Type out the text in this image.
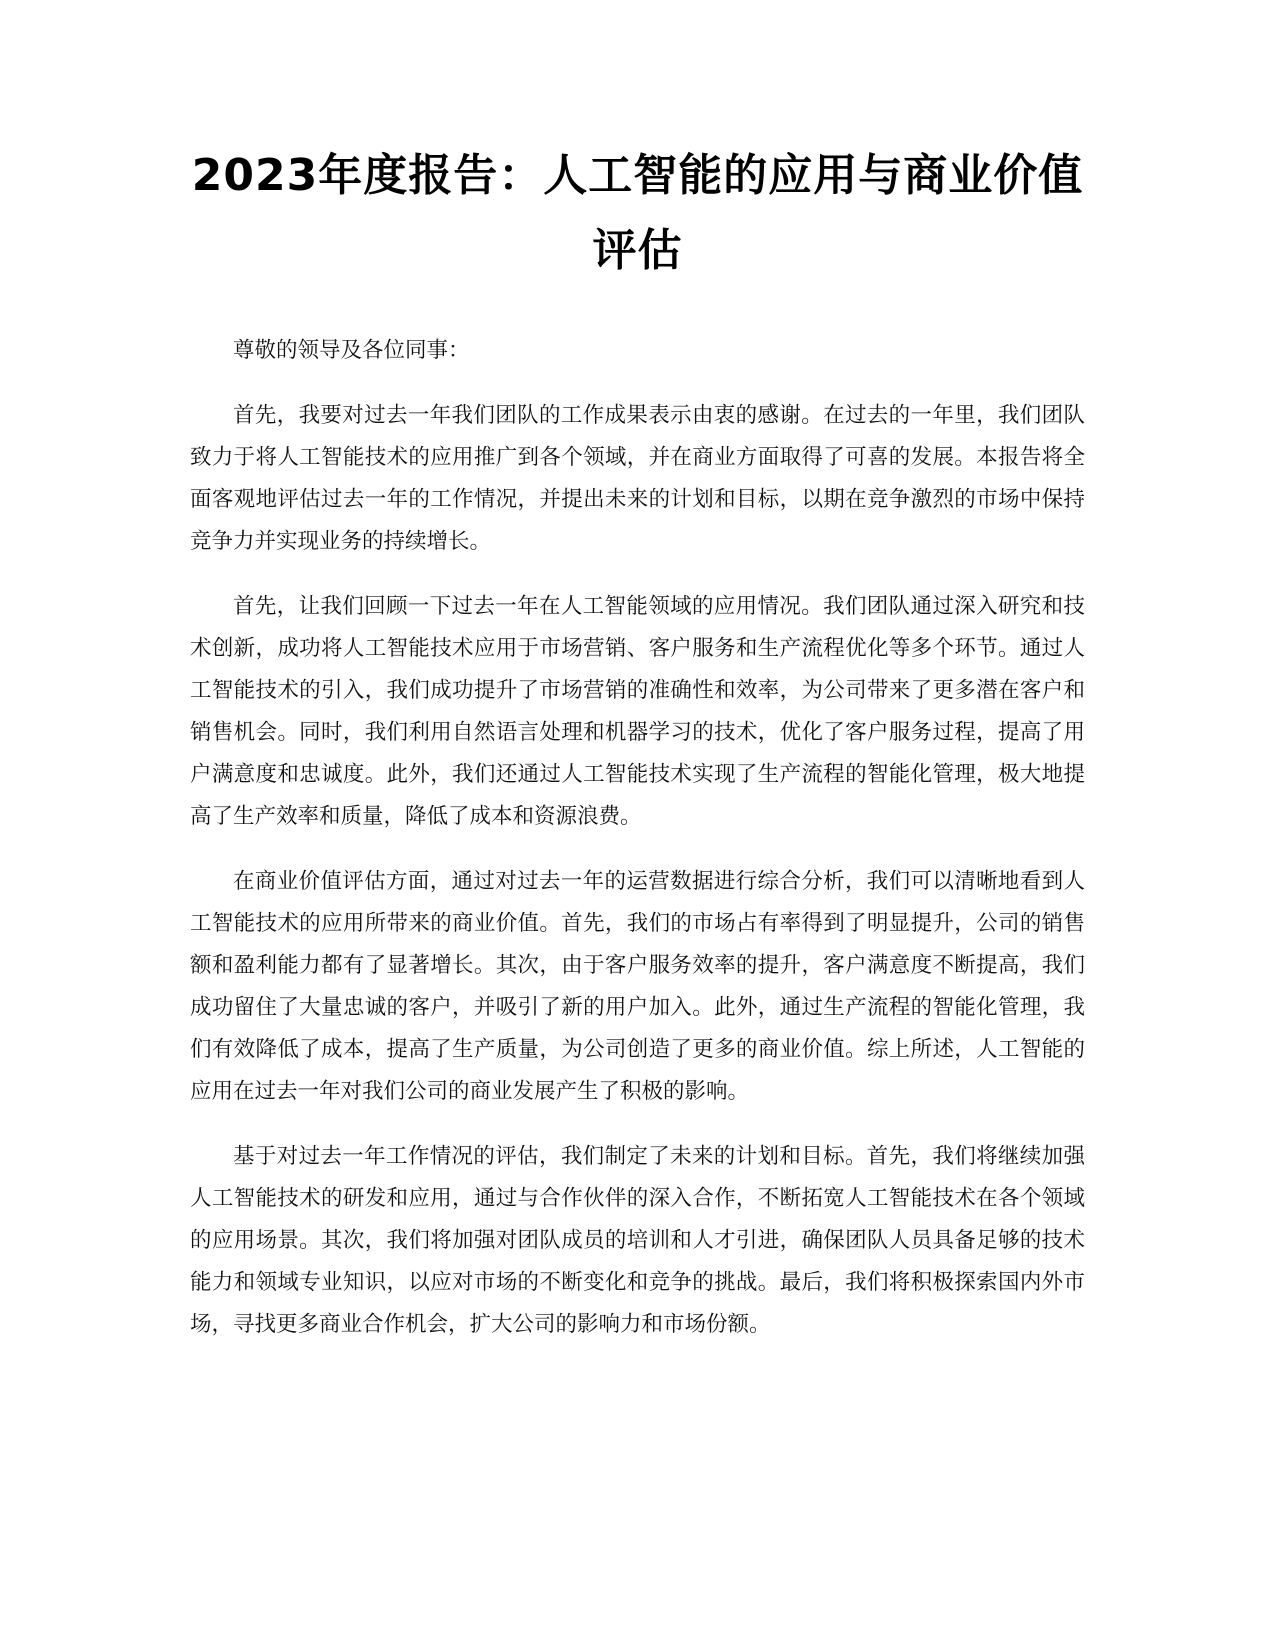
2023年度报告：人工智能的应用与商业价值评估

尊敬的领导及各位同事：

首先，我要对过去一年我们团队的工作成果表示由衷的感谢。在过去的一年里，我们团队致力于将人工智能技术的应用推广到各个领域，并在商业方面取得了可喜的发展。本报告将全面客观地评估过去一年的工作情况，并提出未来的计划和目标，以期在竞争激烈的市场中保持竞争力并实现业务的持续增长。

首先，让我们回顾一下过去一年在人工智能领域的应用情况。我们团队通过深入研究和技术创新，成功将人工智能技术应用于市场营销、客户服务和生产流程优化等多个环节。通过人工智能技术的引入，我们成功提升了市场营销的准确性和效率，为公司带来了更多潜在客户和销售机会。同时，我们利用自然语言处理和机器学习的技术，优化了客户服务过程，提高了用户满意度和忠诚度。此外，我们还通过人工智能技术实现了生产流程的智能化管理，极大地提高了生产效率和质量，降低了成本和资源浪费。

在商业价值评估方面，通过对过去一年的运营数据进行综合分析，我们可以清晰地看到人工智能技术的应用所带来的商业价值。首先，我们的市场占有率得到了明显提升，公司的销售额和盈利能力都有了显著增长。其次，由于客户服务效率的提升，客户满意度不断提高，我们成功留住了大量忠诚的客户，并吸引了新的用户加入。此外，通过生产流程的智能化管理，我们有效降低了成本，提高了生产质量，为公司创造了更多的商业价值。综上所述，人工智能的应用在过去一年对我们公司的商业发展产生了积极的影响。

基于对过去一年工作情况的评估，我们制定了未来的计划和目标。首先，我们将继续加强人工智能技术的研发和应用，通过与合作伙伴的深入合作，不断拓宽人工智能技术在各个领域的应用场景。其次，我们将加强对团队成员的培训和人才引进，确保团队人员具备足够的技术能力和领域专业知识，以应对市场的不断变化和竞争的挑战。最后，我们将积极探索国内外市场，寻找更多商业合作机会，扩大公司的影响力和市场份额。
